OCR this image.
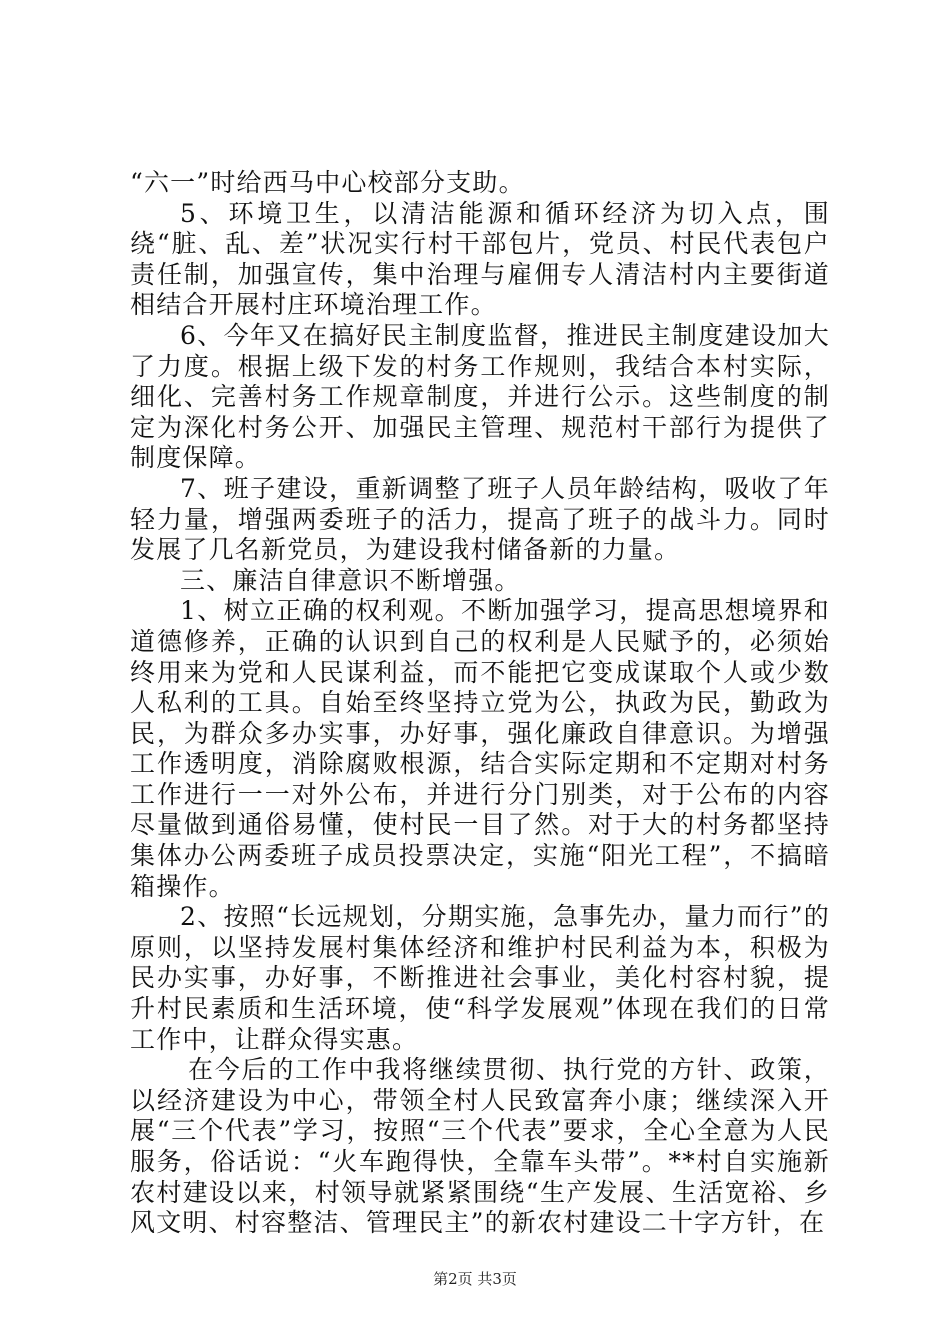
“六一”时给西马中心校部分支助。

5、环境卫生，以清洁能源和循环经济为切入点，围绕“脏、乱、差”状况实行村干部包片，党员、村民代表包户责任制，加强宣传，集中治理与雇佣专人清洁村内主要街道相结合开展村庄环境治理工作。

6、今年又在搞好民主制度监督，推进民主制度建设加大了力度。根据上级下发的村务工作规则，我结合本村实际，细化、完善村务工作规章制度，并进行公示。这些制度的制定为深化村务公开、加强民主管理、规范村干部行为提供了制度保障。

7、班子建设，重新调整了班子人员年龄结构，吸收了年轻力量，增强两委班子的活力，提高了班子的战斗力。同时发展了几名新党员，为建设我村储备新的力量。

三、廉洁自律意识不断增强。

1、树立正确的权利观。不断加强学习，提高思想境界和道德修养，正确的认识到自己的权利是人民赋予的，必须始终用来为党和人民谋利益，而不能把它变成谋取个人或少数人私利的工具。自始至终坚持立党为公，执政为民，勤政为民，为群众多办实事，办好事，强化廉政自律意识。为增强工作透明度，消除腐败根源，结合实际定期和不定期对村务工作进行一一对外公布，并进行分门别类，对于公布的内容尽量做到通俗易懂，使村民一目了然。对于大的村务都坚持集体办公两委班子成员投票决定，实施“阳光工程”，不搞暗箱操作。

2、按照“长远规划，分期实施，急事先办，量力而行”的原则，以坚持发展村集体经济和维护村民利益为本，积极为民办实事，办好事，不断推进社会事业，美化村容村貌，提升村民素质和生活环境，使“科学发展观”体现在我们的日常工作中，让群众得实惠。

在今后的工作中我将继续贯彻、执行党的方针、政策，以经济建设为中心，带领全村人民致富奔小康；继续深入开展“三个代表”学习，按照“三个代表”要求，全心全意为人民服务，俗话说：“火车跑得快，全靠车头带”。**村自实施新农村建设以来，村领导就紧紧围绕“生产发展、生活宽裕、乡风文明、村容整洁、管理民主”的新农村建设二十字方针，在

第2页 共3页
